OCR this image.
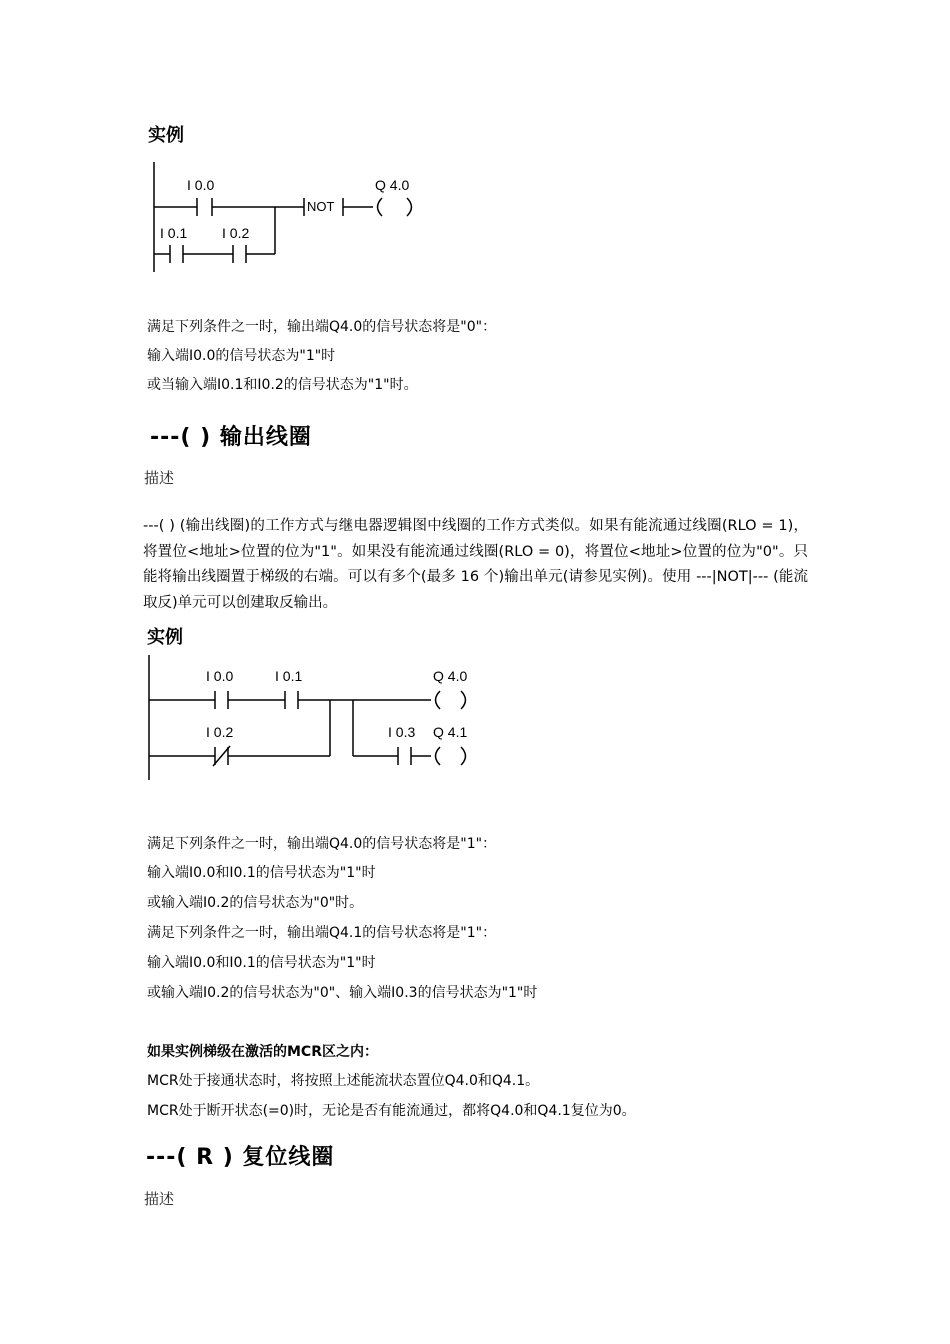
实例
I 0.0
I 0.1 I 0.2
NOT
Q 4.0
满足下列条件之一时，输出端Q4.0的信号状态将是"0"：
输入端I0.0的信号状态为"1"时
或当输入端I0.1和I0.2的信号状态为"1"时。
---( ) 输出线圈
描述
---( ) (输出线圈)的工作方式与继电器逻辑图中线圈的工作方式类似。如果有能流通过线圈(RLO = 1)，将置位<地址>位置的位为"1"。如果没有能流通过线圈(RLO = 0)，将置位<地址>位置的位为"0"。只能将输出线圈置于梯级的右端。可以有多个(最多 16 个)输出单元(请参见实例)。使用 ---|NOT|--- (能流取反)单元可以创建取反输出。
实例
I 0.0	I 0.1
I 0.2	I 0.3
Q 4.0
Q 4.1
满足下列条件之一时，输出端Q4.0的信号状态将是"1"：
输入端I0.0和I0.1的信号状态为"1"时
或输入端I0.2的信号状态为"0"时。
满足下列条件之一时，输出端Q4.1的信号状态将是"1"：
输入端I0.0和I0.1的信号状态为"1"时
或输入端I0.2的信号状态为"0"、输入端I0.3的信号状态为"1"时
如果实例梯级在激活的MCR区之内：
MCR处于接通状态时，将按照上述能流状态置位Q4.0和Q4.1。
MCR处于断开状态(=0)时，无论是否有能流通过，都将Q4.0和Q4.1复位为0。
---( R ) 复位线圈
描述
